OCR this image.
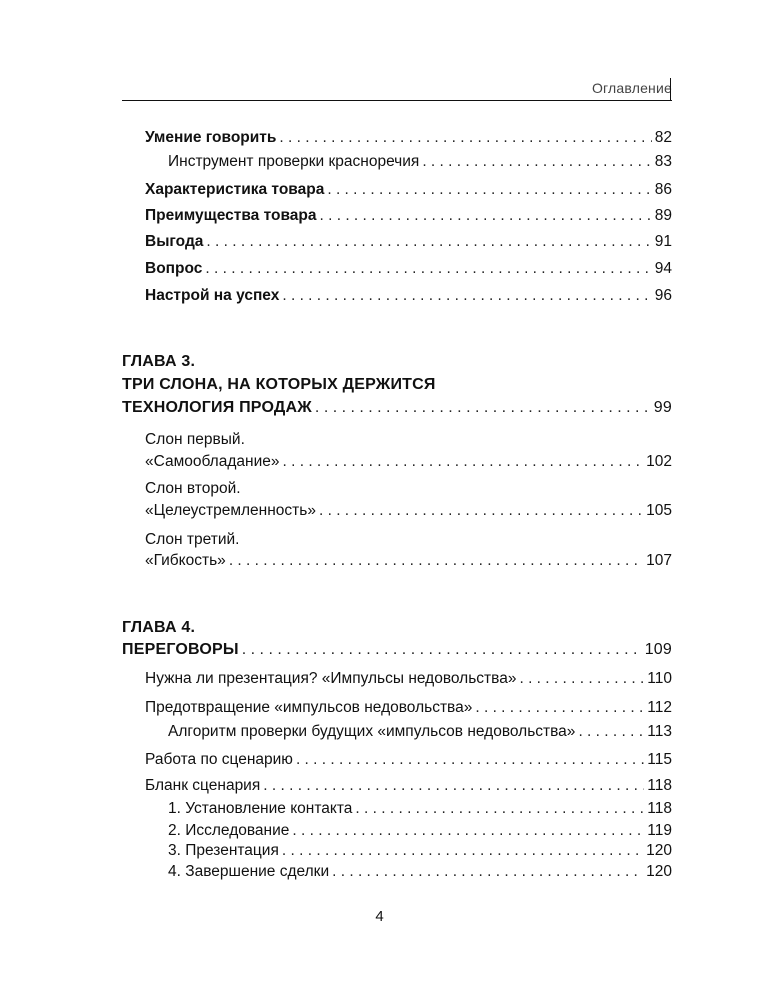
Оглавление
Умение говорить . . .	82
Инструмент проверки красноречия . . .	83
Характеристика товара . . .	86
Преимущества товара . . .	89
Выгода . . .	91
Вопрос . . .	94
Настрой на успех . . .	96
ГЛАВА 3.
ТРИ СЛОНА, НА КОТОРЫХ ДЕРЖИТСЯ
ТЕХНОЛОГИЯ ПРОДАЖ . . .	99
Слон первый.
«Самообладание» . . .	102
Слон второй.
«Целеустремленность» . . .	105
Слон третий.
«Гибкость» . . .	107
ГЛАВА 4.
ПЕРЕГОВОРЫ . . .	109
Нужна ли презентация? «Импульсы недовольства» . . .	110
Предотвращение «импульсов недовольства» . . .	112
Алгоритм проверки будущих «импульсов недовольства» . . .	113
Работа по сценарию . . .	115
Бланк сценария . . .	118
1. Установление контакта . . .	118
2. Исследование . . .	119
3. Презентация . . .	120
4. Завершение сделки . . .	120
4
